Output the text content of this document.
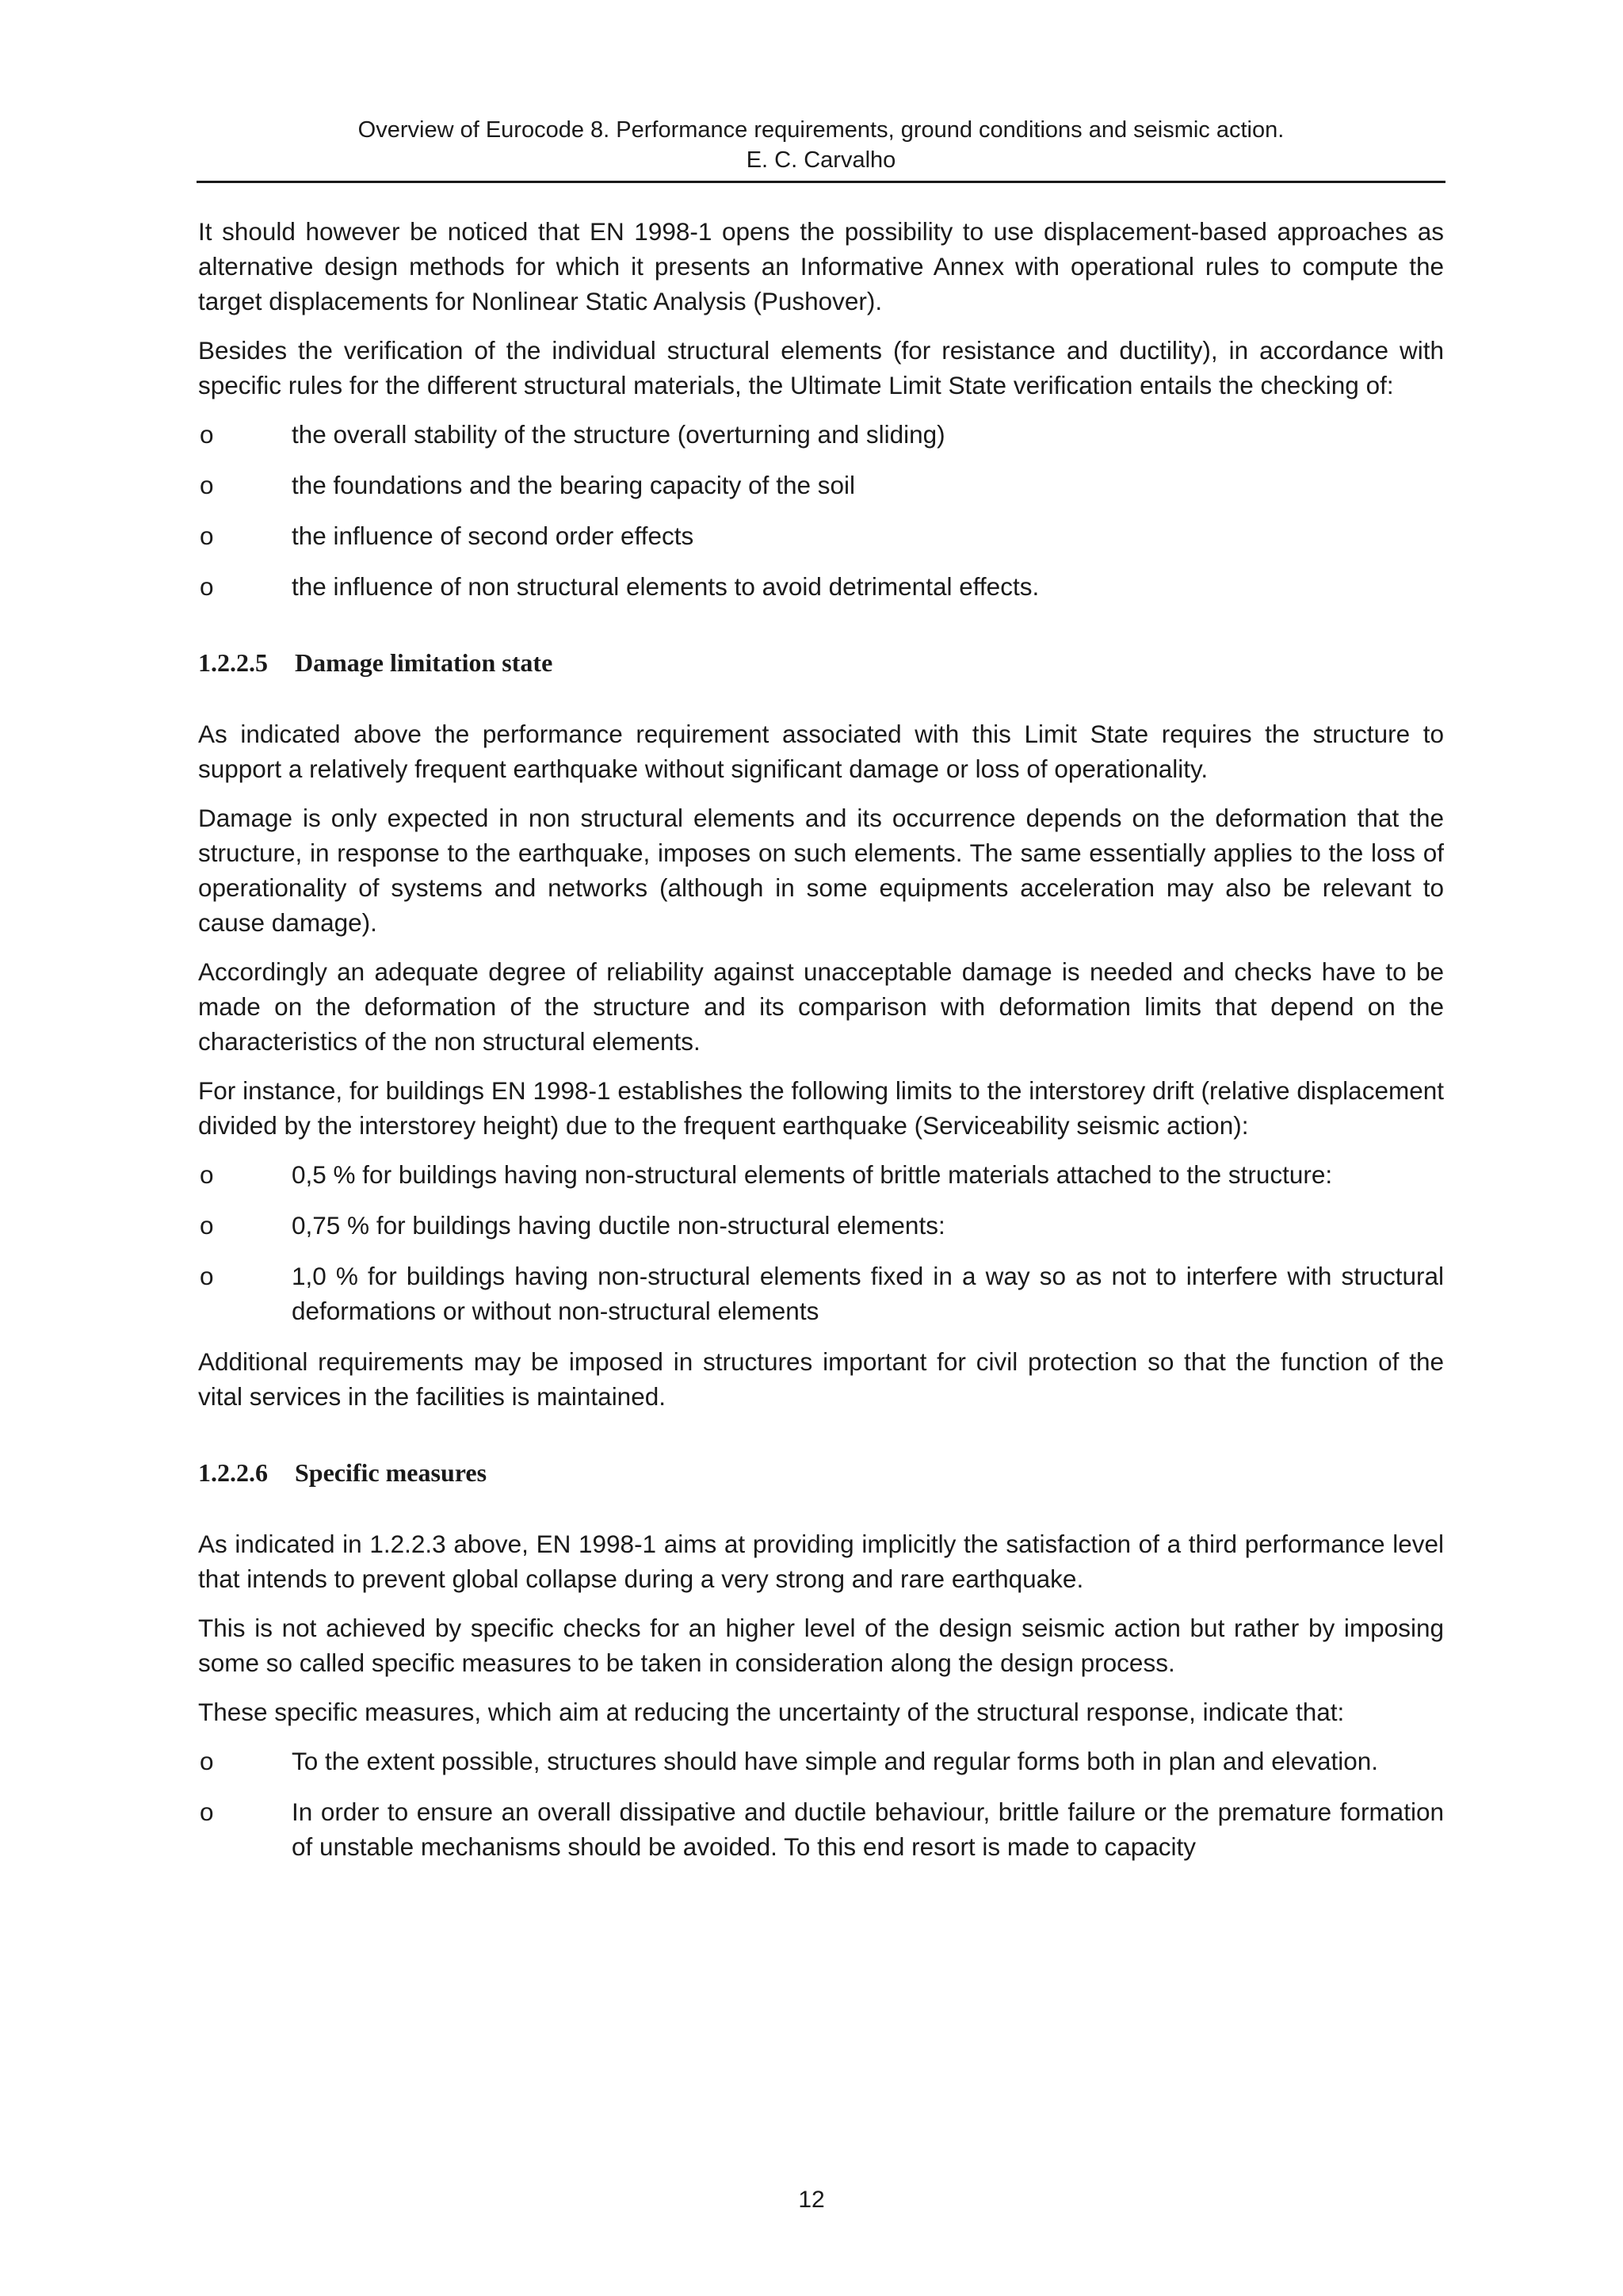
Overview of Eurocode 8. Performance requirements, ground conditions and seismic action.
E. C. Carvalho

It should however be noticed that EN 1998-1 opens the possibility to use displacement-based approaches as alternative design methods for which it presents an Informative Annex with operational rules to compute the target displacements for Nonlinear Static Analysis (Pushover).

Besides the verification of the individual structural elements (for resistance and ductility), in accordance with specific rules for the different structural materials, the Ultimate Limit State verification entails the checking of:

o	the overall stability of the structure (overturning and sliding)
o	the foundations and the bearing capacity of the soil
o	the influence of second order effects
o	the influence of non structural elements to avoid detrimental effects.
1.2.2.5 Damage limitation state

As indicated above the performance requirement associated with this Limit State requires the structure to support a relatively frequent earthquake without significant damage or loss of operationality.

Damage is only expected in non structural elements and its occurrence depends on the deformation that the structure, in response to the earthquake, imposes on such elements. The same essentially applies to the loss of operationality of systems and networks (although in some equipments acceleration may also be relevant to cause damage).

Accordingly an adequate degree of reliability against unacceptable damage is needed and checks have to be made on the deformation of the structure and its comparison with deformation limits that depend on the characteristics of the non structural elements.

For instance, for buildings EN 1998-1 establishes the following limits to the interstorey drift (relative displacement divided by the interstorey height) due to the frequent earthquake (Serviceability seismic action):

o	0,5 % for buildings having non-structural elements of brittle materials attached to the structure:
o	0,75 % for buildings having ductile non-structural elements:
o	1,0 % for buildings having non-structural elements fixed in a way so as not to interfere with structural deformations or without non-structural elements

Additional requirements may be imposed in structures important for civil protection so that the function of the vital services in the facilities is maintained.

1.2.2.6 Specific measures

As indicated in 1.2.2.3 above, EN 1998-1 aims at providing implicitly the satisfaction of a third performance level that intends to prevent global collapse during a very strong and rare earthquake.

This is not achieved by specific checks for an higher level of the design seismic action but rather by imposing some so called specific measures to be taken in consideration along the design process.

These specific measures, which aim at reducing the uncertainty of the structural response, indicate that:

o	To the extent possible, structures should have simple and regular forms both in plan and elevation.
o	In order to ensure an overall dissipative and ductile behaviour, brittle failure or the premature formation of unstable mechanisms should be avoided. To this end resort is made to capacity
12
